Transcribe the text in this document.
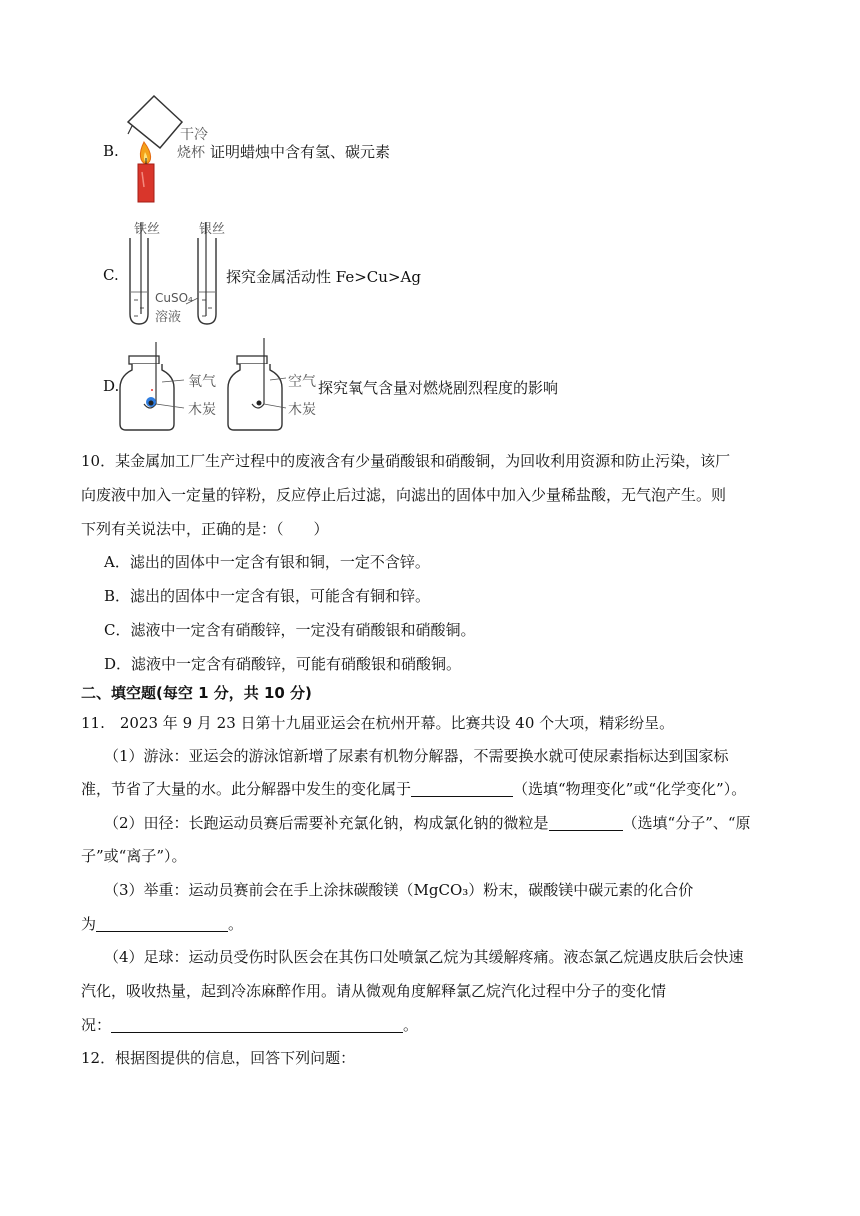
B.
干冷
烧杯 证明蜡烛中含有氢、碳元素
C.
铁丝	银丝
CuSO₄
溶液
探究金属活动性 Fe>Cu>Ag
D.	氧气
木炭
空气
木炭
探究氧气含量对燃烧剧烈程度的影响
10．某金属加工厂生产过程中的废液含有少量硝酸银和硝酸铜，为回收利用资源和防止污染，该厂
向废液中加入一定量的锌粉，反应停止后过滤，向滤出的固体中加入少量稀盐酸，无气泡产生。则
下列有关说法中，正确的是：（　　）
A．滤出的固体中一定含有银和铜，一定不含锌。
B．滤出的固体中一定含有银，可能含有铜和锌。
C．滤液中一定含有硝酸锌，一定没有硝酸银和硝酸铜。
D．滤液中一定含有硝酸锌，可能有硝酸银和硝酸铜。
二、填空题(每空 1 分，共 10 分)
11.　2023 年 9 月 23 日第十九届亚运会在杭州开幕。比赛共设 40 个大项，精彩纷呈。
（1）游泳：亚运会的游泳馆新增了尿素有机物分解器，不需要换水就可使尿素指标达到国家标
准，节省了大量的水。此分解器中发生的变化属于	（选填“物理变化”或“化学变化”）。
（2）田径：长跑运动员赛后需要补充氯化钠，构成氯化钠的微粒是	（选填“分子”、“原
子”或“离子”）。
（3）举重：运动员赛前会在手上涂抹碳酸镁（MgCO₃）粉末，碳酸镁中碳元素的化合价
为	。
（4）足球：运动员受伤时队医会在其伤口处喷氯乙烷为其缓解疼痛。液态氯乙烷遇皮肤后会快速
汽化，吸收热量，起到冷冻麻醉作用。请从微观角度解释氯乙烷汽化过程中分子的变化情
况：	。
12．根据图提供的信息，回答下列问题：
